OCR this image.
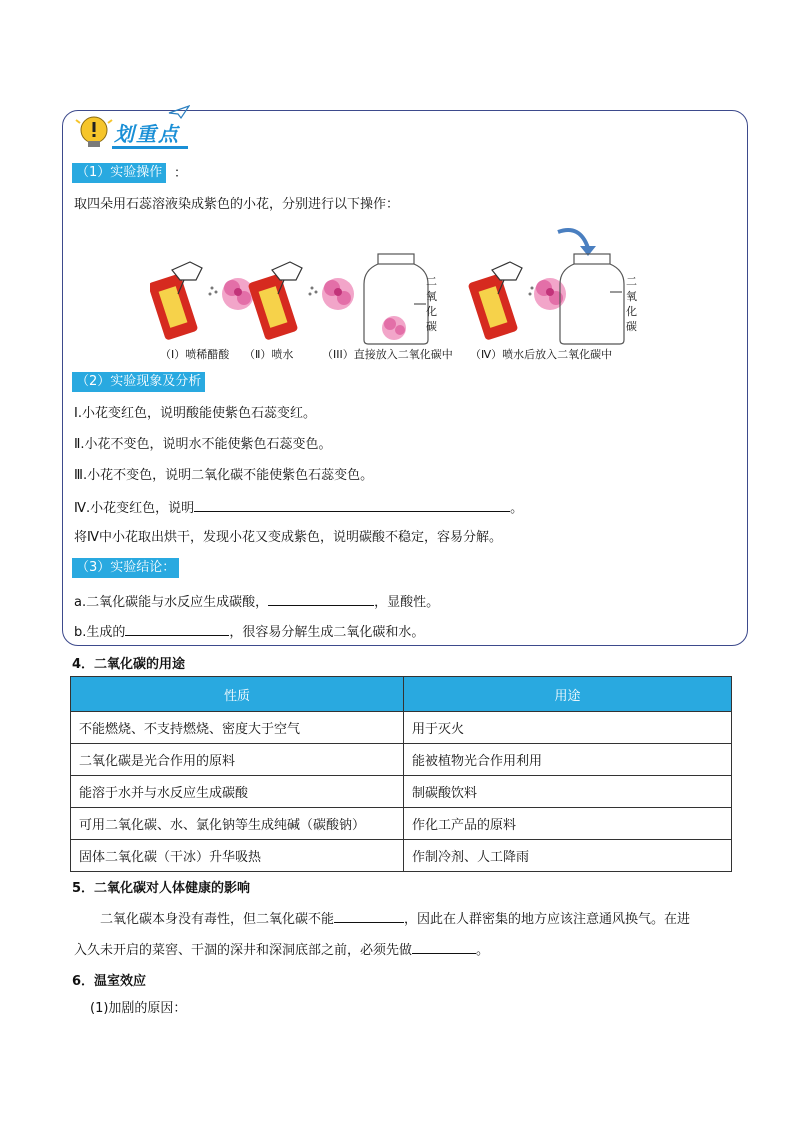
划重点
（1）实验操作 ：
取四朵用石蕊溶液染成紫色的小花，分别进行以下操作：
二氧化碳
二氧化碳
（I）喷稀醋酸 （Ⅱ）喷水	（III）直接放入二氧化碳中 （Ⅳ）喷水后放入二氧化碳中
（2）实验现象及分析
Ⅰ.小花变红色，说明酸能使紫色石蕊变红。
Ⅱ.小花不变色，说明水不能使紫色石蕊变色。
Ⅲ.小花不变色，说明二氧化碳不能使紫色石蕊变色。
Ⅳ.小花变红色，说明	。
将Ⅳ中小花取出烘干，发现小花又变成紫色，说明碳酸不稳定，容易分解。
（3）实验结论：
a.二氧化碳能与水反应生成碳酸，	，显酸性。
b.生成的	，很容易分解生成二氧化碳和水。
4．二氧化碳的用途
性质	用途
不能燃烧、不支持燃烧、密度大于空气	用于灭火
二氧化碳是光合作用的原料	能被植物光合作用利用
能溶于水并与水反应生成碳酸	制碳酸饮料
可用二氧化碳、水、氯化钠等生成纯碱（碳酸钠）	作化工产品的原料
固体二氧化碳（干冰）升华吸热	作制冷剂、人工降雨
5．二氧化碳对人体健康的影响
二氧化碳本身没有毒性，但二氧化碳不能	，因此在人群密集的地方应该注意通风换气。在进
入久未开启的菜窖、干涸的深井和深洞底部之前，必须先做	。
6．温室效应
(1)加剧的原因：
